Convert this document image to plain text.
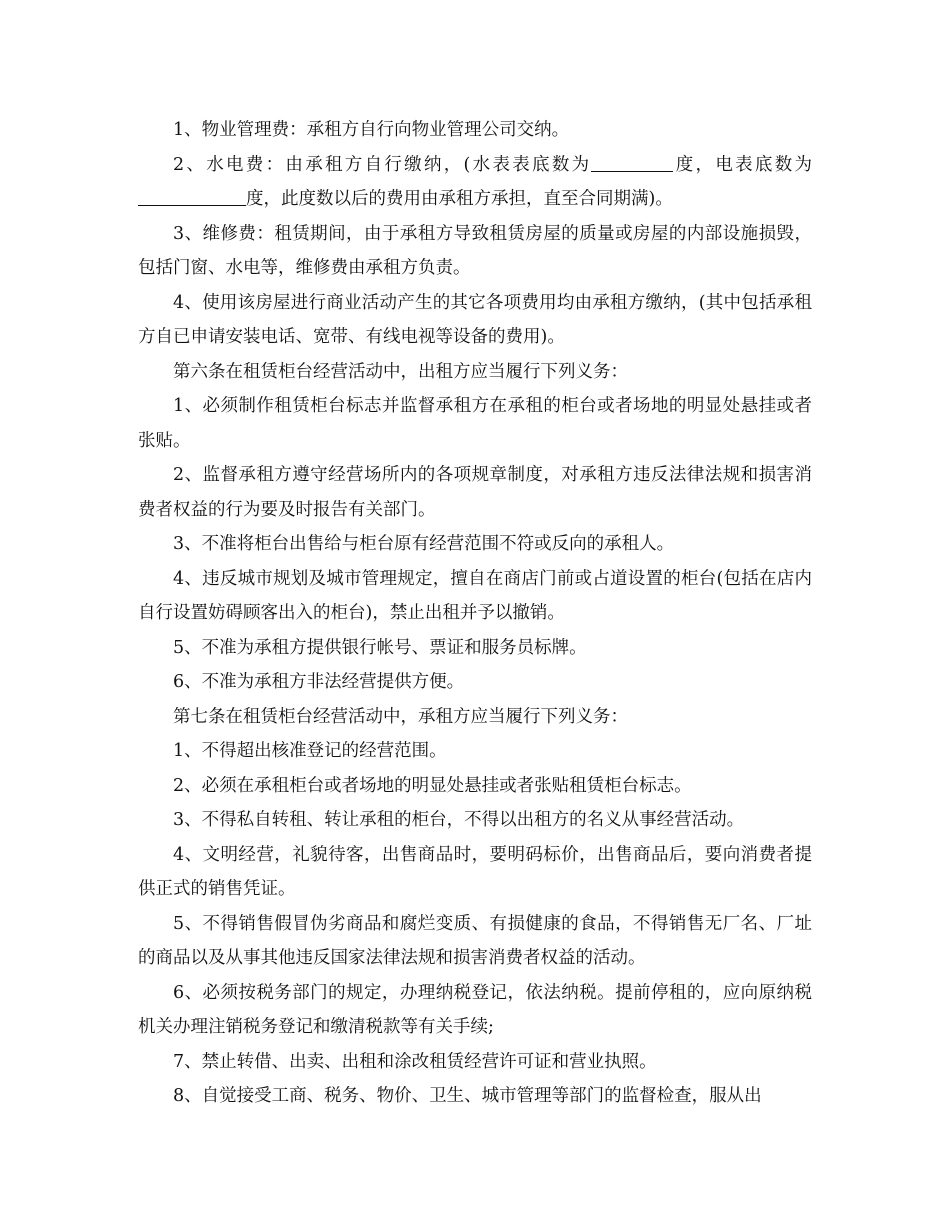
1、物业管理费：承租方自行向物业管理公司交纳。

2、水电费：由承租方自行缴纳，(水表表底数为	度，电表底数为度，此度数以后的费用由承租方承担，直至合同期满)。

3、维修费：租赁期间，由于承租方导致租赁房屋的质量或房屋的内部设施损毁，包括门窗、水电等，维修费由承租方负责。

4、使用该房屋进行商业活动产生的其它各项费用均由承租方缴纳，(其中包括承租方自已申请安装电话、宽带、有线电视等设备的费用)。

第六条在租赁柜台经营活动中，出租方应当履行下列义务：

1、必须制作租赁柜台标志并监督承租方在承租的柜台或者场地的明显处悬挂或者张贴。

2、监督承租方遵守经营场所内的各项规章制度，对承租方违反法律法规和损害消费者权益的行为要及时报告有关部门。

3、不准将柜台出售给与柜台原有经营范围不符或反向的承租人。

4、违反城市规划及城市管理规定，擅自在商店门前或占道设置的柜台(包括在店内自行设置妨碍顾客出入的柜台)，禁止出租并予以撤销。

5、不准为承租方提供银行帐号、票证和服务员标牌。

6、不准为承租方非法经营提供方便。

第七条在租赁柜台经营活动中，承租方应当履行下列义务：

1、不得超出核准登记的经营范围。

2、必须在承租柜台或者场地的明显处悬挂或者张贴租赁柜台标志。

3、不得私自转租、转让承租的柜台，不得以出租方的名义从事经营活动。

4、文明经营，礼貌待客，出售商品时，要明码标价，出售商品后，要向消费者提供正式的销售凭证。

5、不得销售假冒伪劣商品和腐烂变质、有损健康的食品，不得销售无厂名、厂址的商品以及从事其他违反国家法律法规和损害消费者权益的活动。

6、必须按税务部门的规定，办理纳税登记，依法纳税。提前停租的，应向原纳税机关办理注销税务登记和缴清税款等有关手续;

7、禁止转借、出卖、出租和涂改租赁经营许可证和营业执照。

8、自觉接受工商、税务、物价、卫生、城市管理等部门的监督检查，服从出
